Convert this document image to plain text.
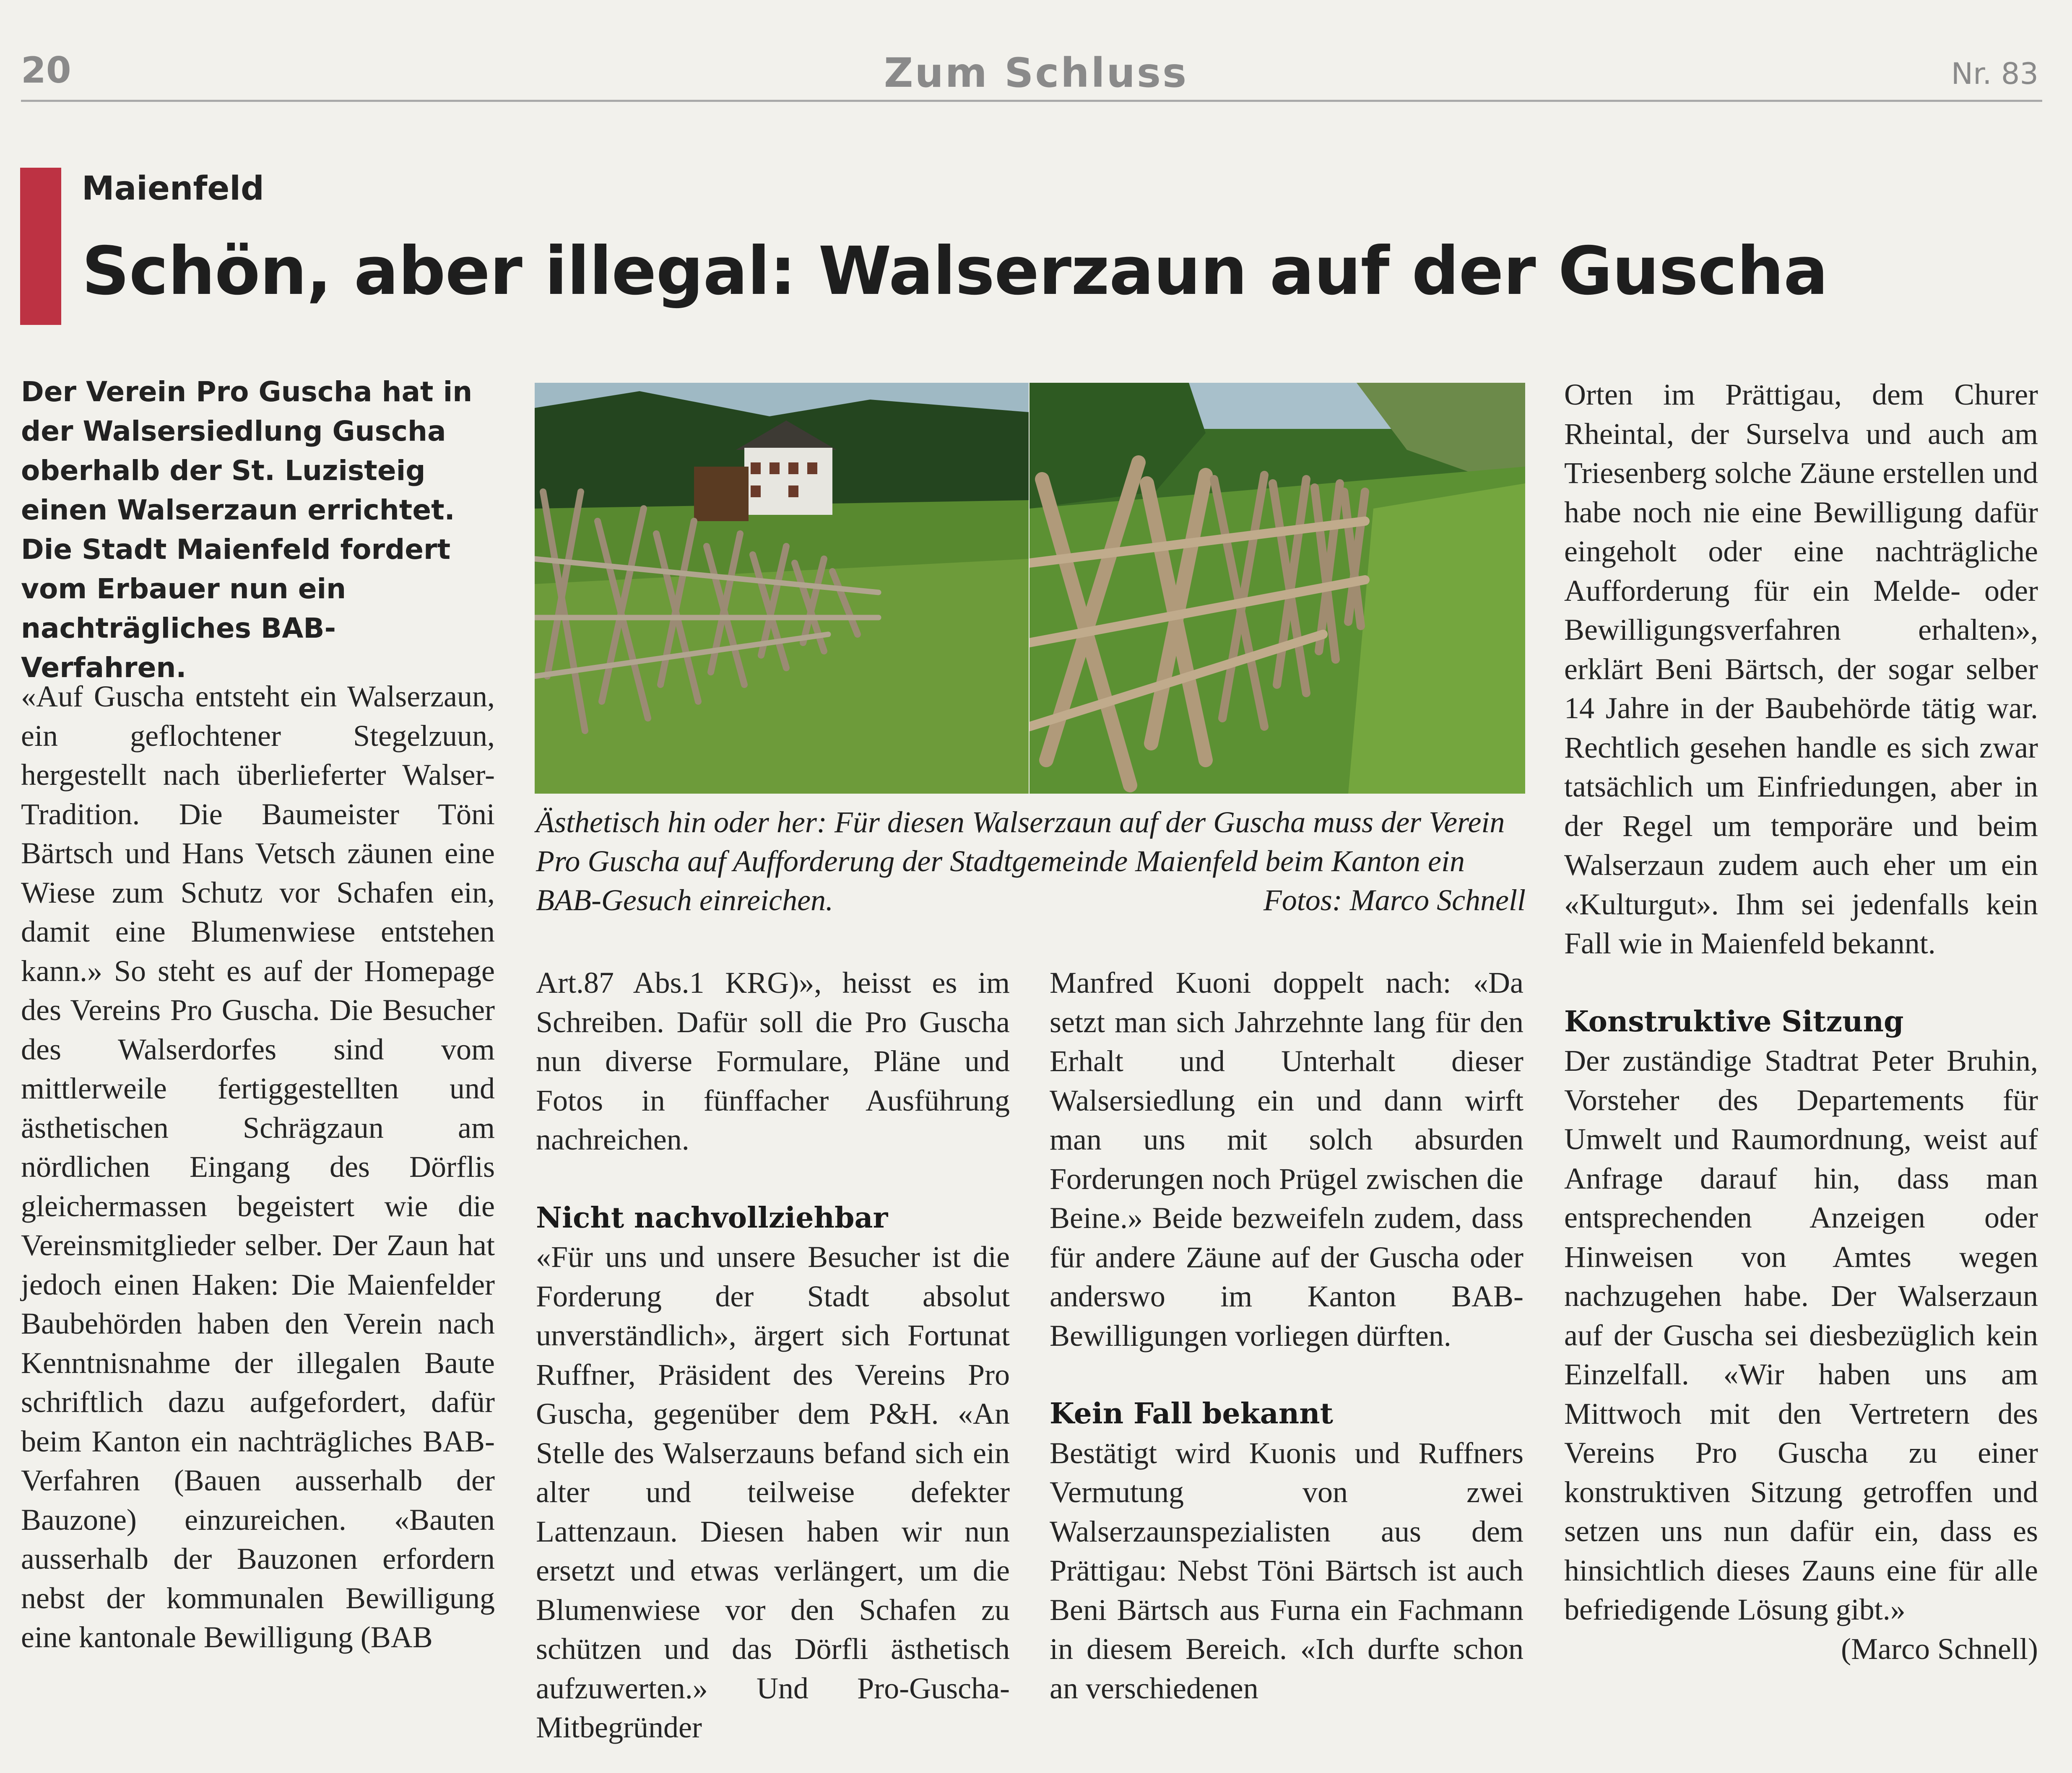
20	Zum Schluss	Nr. 83
Maienfeld
Schön, aber illegal: Walserzaun auf der Guscha
Der Verein Pro Guscha hat in der Walsersiedlung Guscha oberhalb der St. Luzisteig einen Walserzaun errichtet. Die Stadt Maienfeld fordert vom Erbauer nun ein nachträgliches BAB-Verfahren.

«Auf Guscha entsteht ein Walserzaun, ein geflochtener Stegelzuun, hergestellt nach überlieferter Walser-Tradition. Die Baumeister Töni Bärtsch und Hans Vetsch zäunen eine Wiese zum Schutz vor Schafen ein, damit eine Blumenwiese entstehen kann.» So steht es auf der Homepage des Vereins Pro Guscha. Die Besucher des Walserdorfes sind vom mittlerweile fertiggestellten und ästhetischen Schrägzaun am nördlichen Eingang des Dörflis gleichermassen begeistert wie die Vereinsmitglieder selber. Der Zaun hat jedoch einen Haken: Die Maienfelder Baubehörden haben den Verein nach Kenntnisnahme der illegalen Baute schriftlich dazu aufgefordert, dafür beim Kanton ein nachträgliches BAB-Verfahren (Bauen ausserhalb der Bauzone) einzureichen. «Bauten ausserhalb der Bauzonen erfordern nebst der kommunalen Bewilligung eine kantonale Bewilligung (BAB

Ästhetisch hin oder her: Für diesen Walserzaun auf der Guscha muss der Verein Pro Guscha auf Aufforderung der Stadtgemeinde Maienfeld beim Kanton ein BAB-Gesuch einreichen.	Fotos: Marco Schnell

Art.87 Abs.1 KRG)», heisst es im Schreiben. Dafür soll die Pro Guscha nun diverse Formulare, Pläne und Fotos in fünffacher Ausführung nachreichen.

Nicht nachvollziehbar

«Für uns und unsere Besucher ist die Forderung der Stadt absolut unverständlich», ärgert sich Fortunat Ruffner, Präsident des Vereins Pro Guscha, gegenüber dem P&H. «An Stelle des Walserzauns befand sich ein alter und teilweise defekter Lattenzaun. Diesen haben wir nun ersetzt und etwas verlängert, um die Blumenwiese vor den Schafen zu schützen und das Dörfli ästhetisch aufzuwerten.» Und Pro-Guscha-Mitbegründer

Manfred Kuoni doppelt nach: «Da setzt man sich Jahrzehnte lang für den Erhalt und Unterhalt dieser Walsersiedlung ein und dann wirft man uns mit solch absurden Forderungen noch Prügel zwischen die Beine.» Beide bezweifeln zudem, dass für andere Zäune auf der Guscha oder anderswo im Kanton BAB-Bewilligungen vorliegen dürften.

Kein Fall bekannt

Bestätigt wird Kuonis und Ruffners Vermutung von zwei Walserzaunspezialisten aus dem Prättigau: Nebst Töni Bärtsch ist auch Beni Bärtsch aus Furna ein Fachmann in diesem Bereich. «Ich durfte schon an verschiedenen

Orten im Prättigau, dem Churer Rheintal, der Surselva und auch am Triesenberg solche Zäune erstellen und habe noch nie eine Bewilligung dafür eingeholt oder eine nachträgliche Aufforderung für ein Melde- oder Bewilligungsverfahren erhalten», erklärt Beni Bärtsch, der sogar selber 14 Jahre in der Baubehörde tätig war. Rechtlich gesehen handle es sich zwar tatsächlich um Einfriedungen, aber in der Regel um temporäre und beim Walserzaun zudem auch eher um ein «Kulturgut». Ihm sei jedenfalls kein Fall wie in Maienfeld bekannt.

Konstruktive Sitzung

Der zuständige Stadtrat Peter Bruhin, Vorsteher des Departements für Umwelt und Raumordnung, weist auf Anfrage darauf hin, dass man entsprechenden Anzeigen oder Hinweisen von Amtes wegen nachzugehen habe. Der Walserzaun auf der Guscha sei diesbezüglich kein Einzelfall. «Wir haben uns am Mittwoch mit den Vertretern des Vereins Pro Guscha zu einer konstruktiven Sitzung getroffen und setzen uns nun dafür ein, dass es hinsichtlich dieses Zauns eine für alle befriedigende Lösung gibt.»
(Marco Schnell)
